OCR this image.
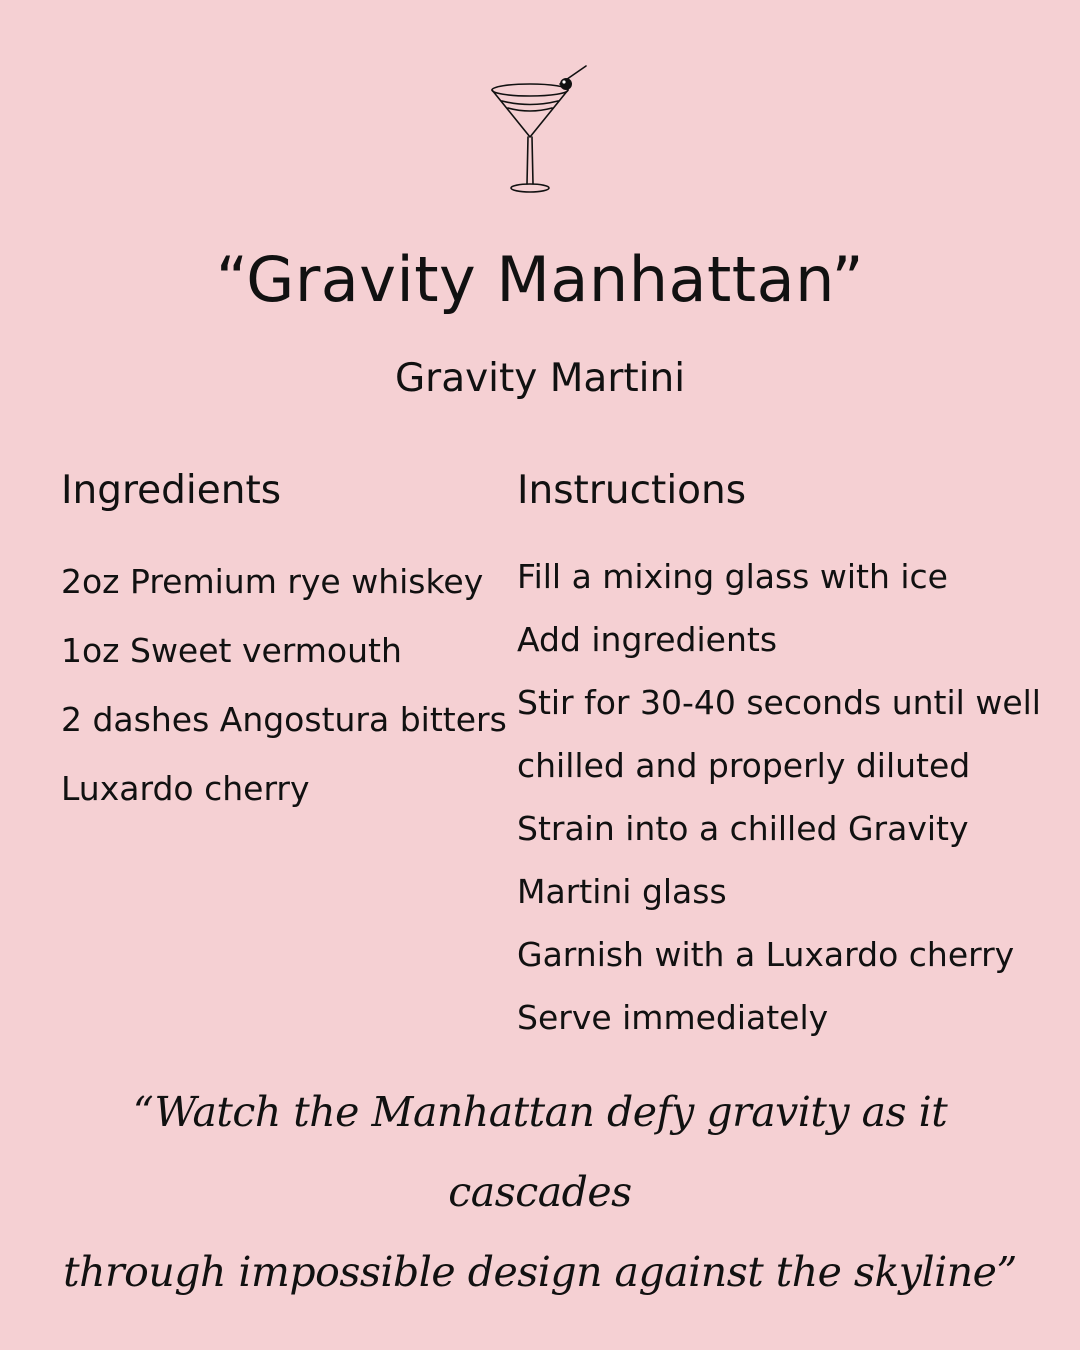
“Gravity Manhattan”
Gravity Martini
Ingredients	Instructions
2oz Premium rye whiskey
1oz Sweet vermouth
2 dashes Angostura bitters
Luxardo cherry
Fill a mixing glass with ice
Add ingredients
Stir for 30-40 seconds until well
chilled and properly diluted
Strain into a chilled Gravity
Martini glass
Garnish with a Luxardo cherry
Serve immediately
“Watch the Manhattan defy gravity as it cascades
through impossible design against the skyline”
